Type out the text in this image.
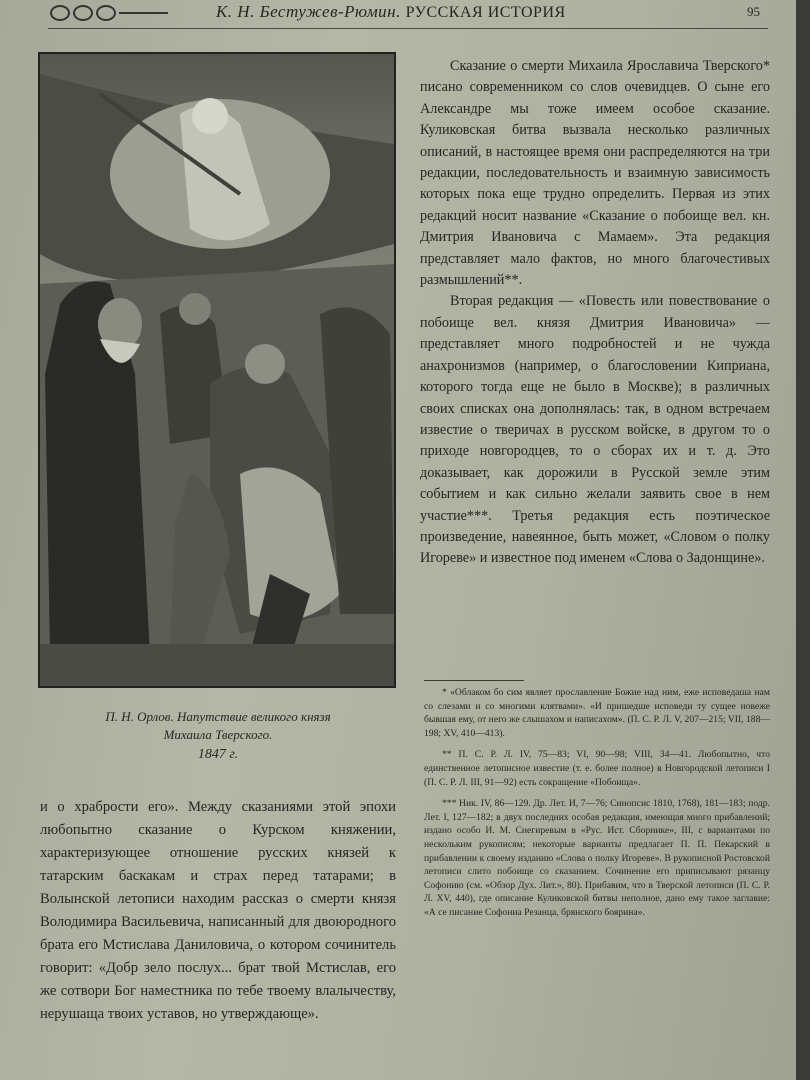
К. Н. Бестужев-Рюмин. РУССКАЯ ИСТОРИЯ	95
П. Н. Орлов. Напутствие великого князя
Михаила Тверского.
1847 г.

Сказание о смерти Михаила Ярославича Тверского* писано современником со слов очевидцев. О сыне его Александре мы тоже имеем особое сказание. Куликовская битва вызвала несколько различных описаний, в настоящее время они распределяются на три редакции, последовательность и взаимную зависимость которых пока еще трудно определить. Первая из этих редакций носит название «Сказание о побоище вел. кн. Дмитрия Ивановича с Мамаем». Эта редакция представляет мало фактов, но много благочестивых размышлений**.

Вторая редакция — «Повесть или повествование о побоище вел. князя Дмитрия Ивановича» — представляет много подробностей и не чужда анахронизмов (например, о благословении Киприана, которого тогда еще не было в Москве); в различных своих списках она дополнялась: так, в одном встречаем известие о тверичах в русском войске, в другом то о приходе новгородцев, то о сборах их и т. д. Это доказывает, как дорожили в Русской земле этим событием и как сильно желали заявить свое в нем участие***. Третья редакция есть поэтическое произведение, навеянное, быть может, «Словом о полку Игореве» и известное под именем «Слова о Задонщине».

* «Облаком бо сим являет прославление Божие над ним, еже исповедаша нам со слезами и со многими клятвами». «И пришедше исповеди ту сущее новеже бывшая ему, от него же слышахом и написахом». (П. С. Р. Л. V, 207—215; VII, 188—198; XV, 410—413).

** П. С. Р. Л. IV, 75—83; VI, 90—98; VIII, 34—41. Любопытно, что единственное летописное известие (т. е. более полное) в Новгородской летописи I (П. С. Р. Л. III, 91—92) есть сокращение «Побоища».

*** Ник. IV, 86—129. Др. Лет. И, 7—76; Синопсис 1810, 1768), 181—183; подр. Лет. I, 127—182; в двух последних особая редакция, имеющая много прибавлений; издано особо И. М. Снегиревым в «Рус. Ист. Сборнике», III, с вариантами по нескольким рукописям; некоторые варианты предлагает П. П. Пекарский в прибавлении к своему изданию «Слова о полку Игореве». В рукописной Ростовской летописи слито побоище со сказанием. Сочинение его приписывают рязанцу Софонию (см. «Обзор Дух. Лит.», 80). Прибавим, что в Тверской летописи (П. С. Р. Л. XV, 440), где описание Куликовской битвы неполное, дано ему такое заглавие: «А се писание Софониа Резанца, брянского боярина».

и о храбрости его». Между сказаниями этой эпохи любопытно сказание о Курском княжении, характеризующее отношение русских князей к татарским баскакам и страх перед татарами; в Волынской летописи находим рассказ о смерти князя Володимира Васильевича, написанный для двоюродного брата его Мстислава Даниловича, о котором сочинитель говорит: «Добр зело послух... брат твой Мстислав, его же сотвори Бог наместника по тебе твоему влалычеству, нерушаща твоих уставов, но утверждающе».
